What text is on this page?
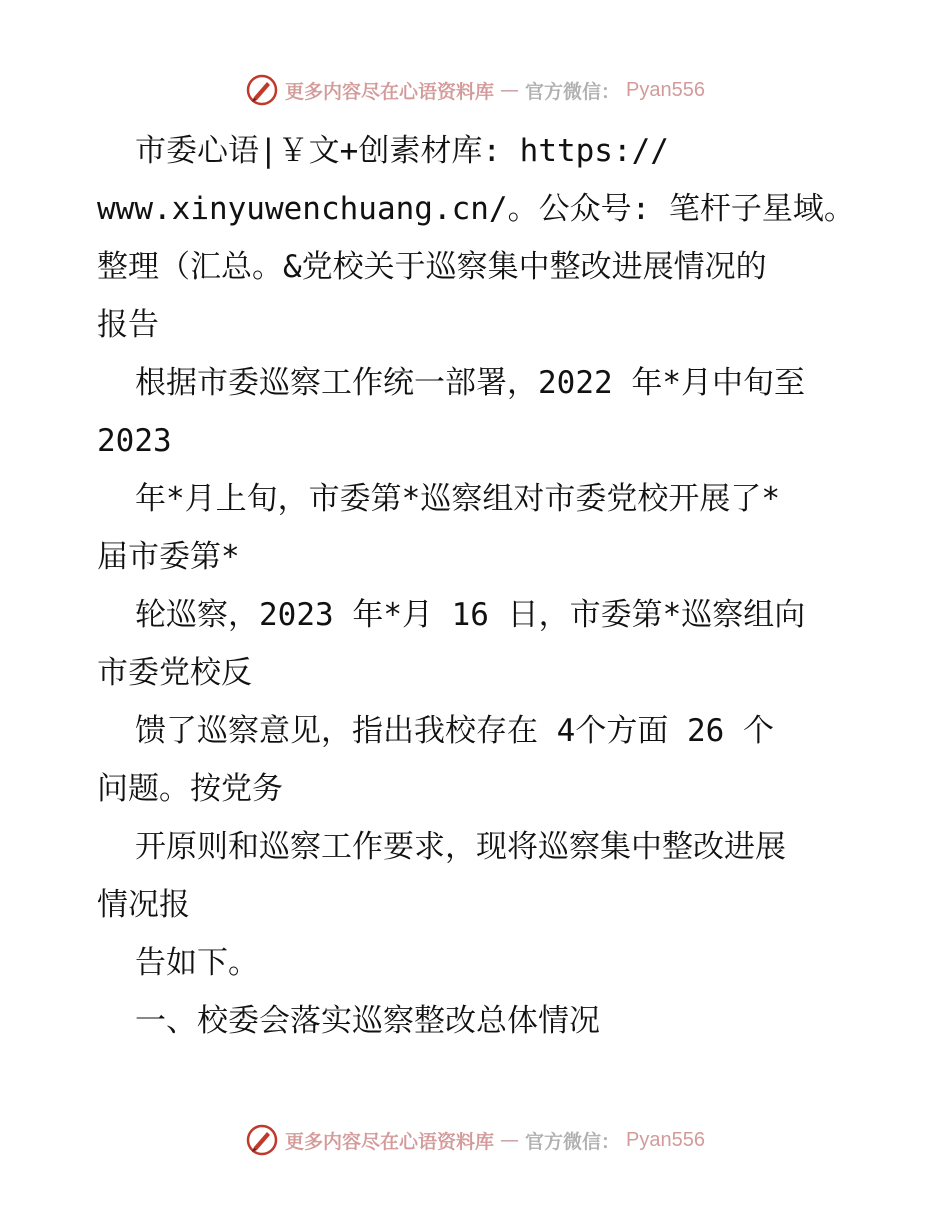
更多内容尽在心语资料库 — 官方微信： Pyan556
市委心语|￥文+创素材库: https://
www.xinyuwenchuang.cn/。公众号: 笔杆子星域。
整理（汇总。&党校关于巡察集中整改进展情况的
报告
根据市委巡察工作统一部署，2022 年*月中旬至
2023
年*月上旬，市委第*巡察组对市委党校开展了*
届市委第*
轮巡察，2023 年*月 16 日，市委第*巡察组向
市委党校反
馈了巡察意见，指出我校存在 4个方面 26 个
问题。按党务
开原则和巡察工作要求，现将巡察集中整改进展
情况报
告如下。
一、校委会落实巡察整改总体情况
更多内容尽在心语资料库 — 官方微信： Pyan556
